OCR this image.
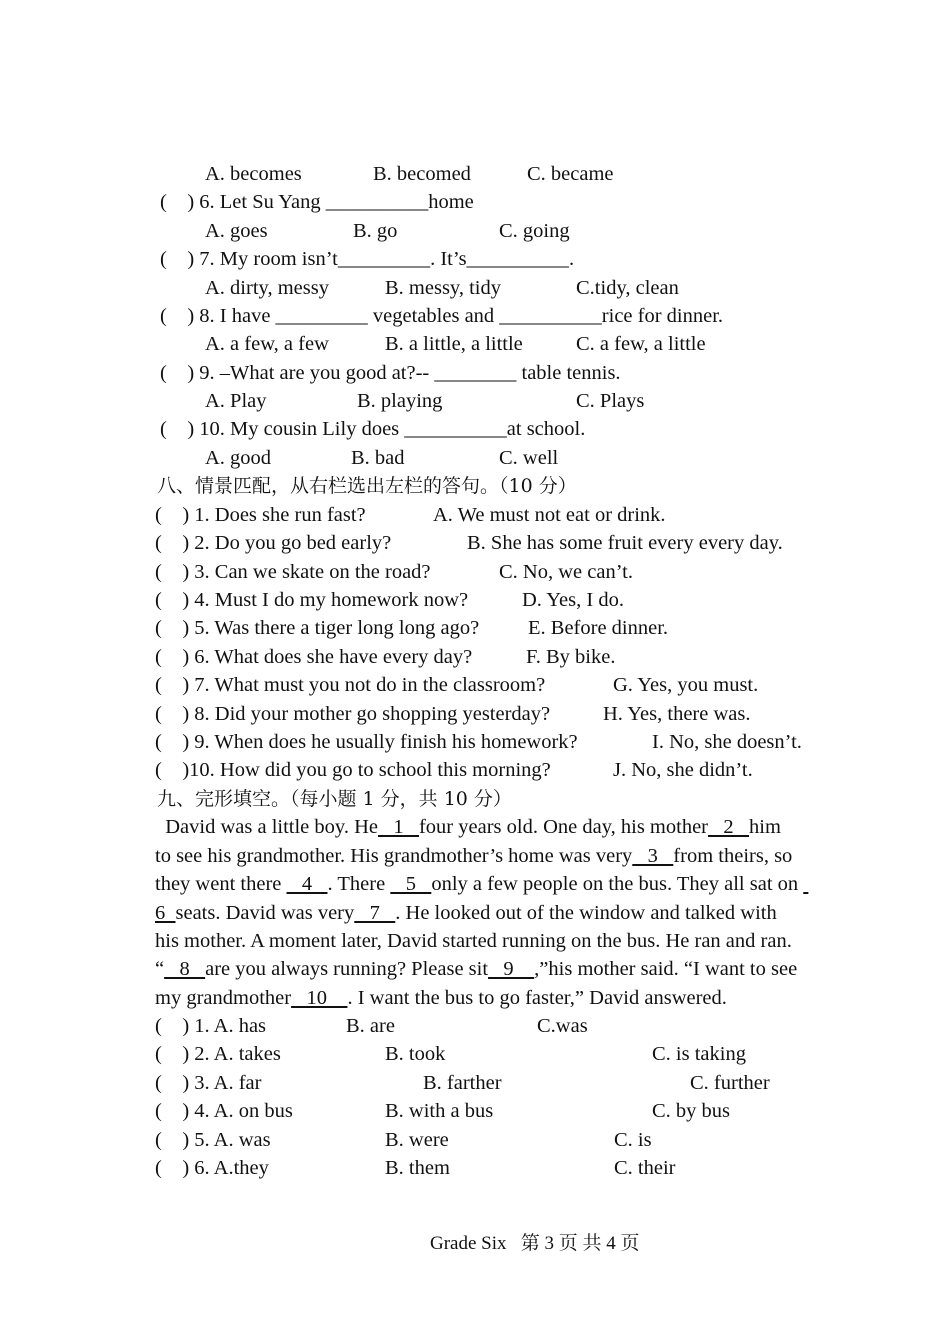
A. becomes	B. becomed	C. became
(    ) 6. Let Su Yang __________home
A. goes	B. go	C. going
(    ) 7. My room isn’t_________. It’s__________.
A. dirty, messy	B. messy, tidy	C.tidy, clean
(    ) 8. I have _________ vegetables and __________rice for dinner.
A. a few, a few	B. a little, a little	C. a few, a little
(    ) 9. –What are you good at?-- ________ table tennis.
A. Play	B. playing	C. Plays
(    ) 10. My cousin Lily does __________at school.
A. good	B. bad	C. well
八、情景匹配，从右栏选出左栏的答句。（10 分）
(    ) 1. Does she run fast?	A. We must not eat or drink.
(    ) 2. Do you go bed early?	B. She has some fruit every every day.
(    ) 3. Can we skate on the road?	C. No, we can’t.
(    ) 4. Must I do my homework now?	D. Yes, I do.
(    ) 5. Was there a tiger long long ago? E. Before dinner.
(    ) 6. What does she have every day?	F. By bike.
(    ) 7. What must you not do in the classroom?	G. Yes, you must.
(    ) 8. Did your mother go shopping yesterday?	H. Yes, there was.
(    ) 9. When does he usually finish his homework?	I. No, she doesn’t.
(    )10. How did you go to school this morning?	J. No, she didn’t.
九、完形填空。（每小题 1 分，共 10 分）
David was a little boy. He   1   four years old. One day, his mother   2   him
to see his grandmother. His grandmother’s home was very   3   from theirs, so
they went there    4   . There    5   only a few people on the bus. They all sat on
6  seats. David was very   7   . He looked out of the window and talked with
his mother. A moment later, David started running on the bus. He ran and ran.
“   8   are you always running? Please sit   9    ,”his mother said. “I want to see
my grandmother   10    . I want the bus to go faster,” David answered.
(    ) 1. A. has	B. are	C.was
(    ) 2. A. takes	B. took	C. is taking
(    ) 3. A. far	B. farther	C. further
(    ) 4. A. on bus	B. with a bus	C. by bus
(    ) 5. A. was	B. were	C. is
(    ) 6. A.they	B. them	C. their
Grade Six   第 3 页 共 4 页
